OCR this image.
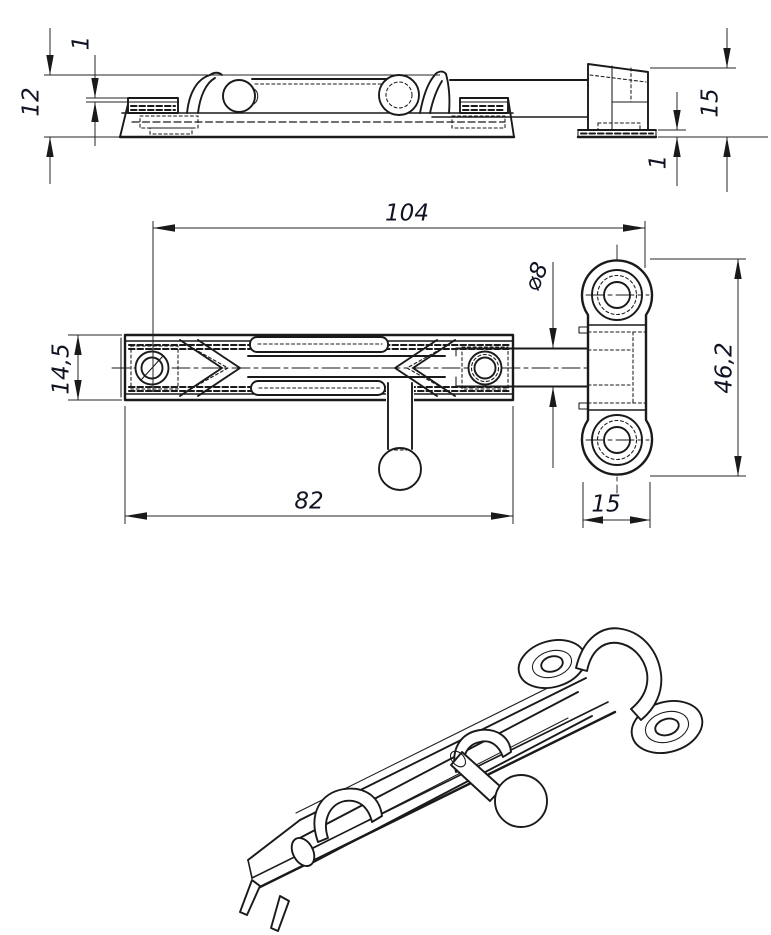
1
12	15
1
104
⌀8
14,5	46,2
82	15
